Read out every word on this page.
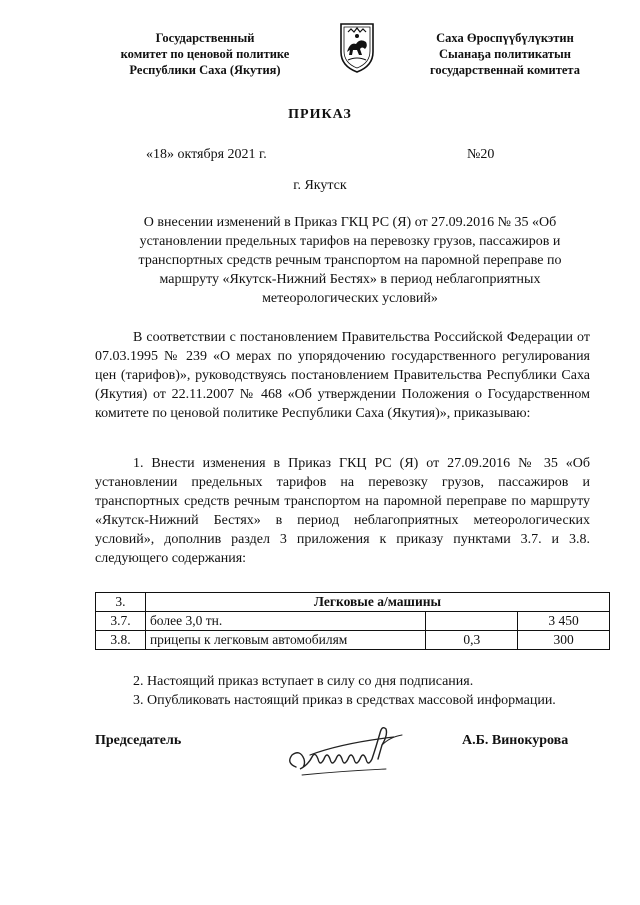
Государственный
комитет по ценовой политике
Республики Саха (Якутия)
Саха Өроспүүбүлүкэтин
Сыанаҕа политикатын
государственнай комитета
ПРИКАЗ
«18» октября 2021 г.	№20
г. Якутск
О внесении изменений в Приказ ГКЦ РС (Я) от 27.09.2016 № 35 «Об установлении предельных тарифов на перевозку грузов, пассажиров и транспортных средств речным транспортом на паромной переправе по маршруту «Якутск-Нижний Бестях» в период неблагоприятных метеорологических условий»
В соответствии с постановлением Правительства Российской Федерации от 07.03.1995 № 239 «О мерах по упорядочению государственного регулирования цен (тарифов)», руководствуясь постановлением Правительства Республики Саха (Якутия) от 22.11.2007 № 468 «Об утверждении Положения о Государственном комитете по ценовой политике Республики Саха (Якутия)», приказываю:
1. Внести изменения в Приказ ГКЦ РС (Я) от 27.09.2016 № 35 «Об установлении предельных тарифов на перевозку грузов, пассажиров и транспортных средств речным транспортом на паромной переправе по маршруту «Якутск-Нижний Бестях» в период неблагоприятных метеорологических условий», дополнив раздел 3 приложения к приказу пунктами 3.7. и 3.8. следующего содержания:
3.	Легковые а/машины		
3.7.	более 3,0 тн.		3 450
3.8.	прицепы к легковым автомобилям	0,3	300
2. Настоящий приказ вступает в силу со дня подписания.
3. Опубликовать настоящий приказ в средствах массовой информации.
Председатель	А.Б. Винокурова
